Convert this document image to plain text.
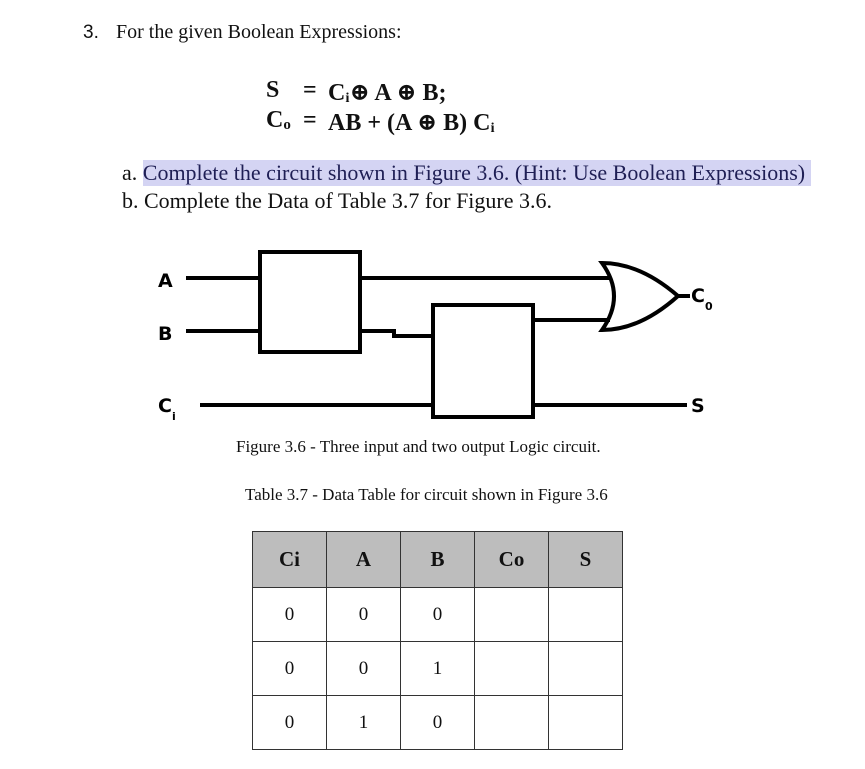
3. For the given Boolean Expressions:
S = Cᵢ⊕ A ⊕ B;
Co = AB + (A ⊕ B) Cᵢ
a. Complete the circuit shown in Figure 3.6. (Hint: Use Boolean Expressions)
b. Complete the Data of Table 3.7 for Figure 3.6.
A
B
C i
C 0
S
Figure 3.6 - Three input and two output Logic circuit.
Table 3.7 - Data Table for circuit shown in Figure 3.6
Ci	A	B	Co	S
0	0	0		
0	0	1		
0	1	0		
